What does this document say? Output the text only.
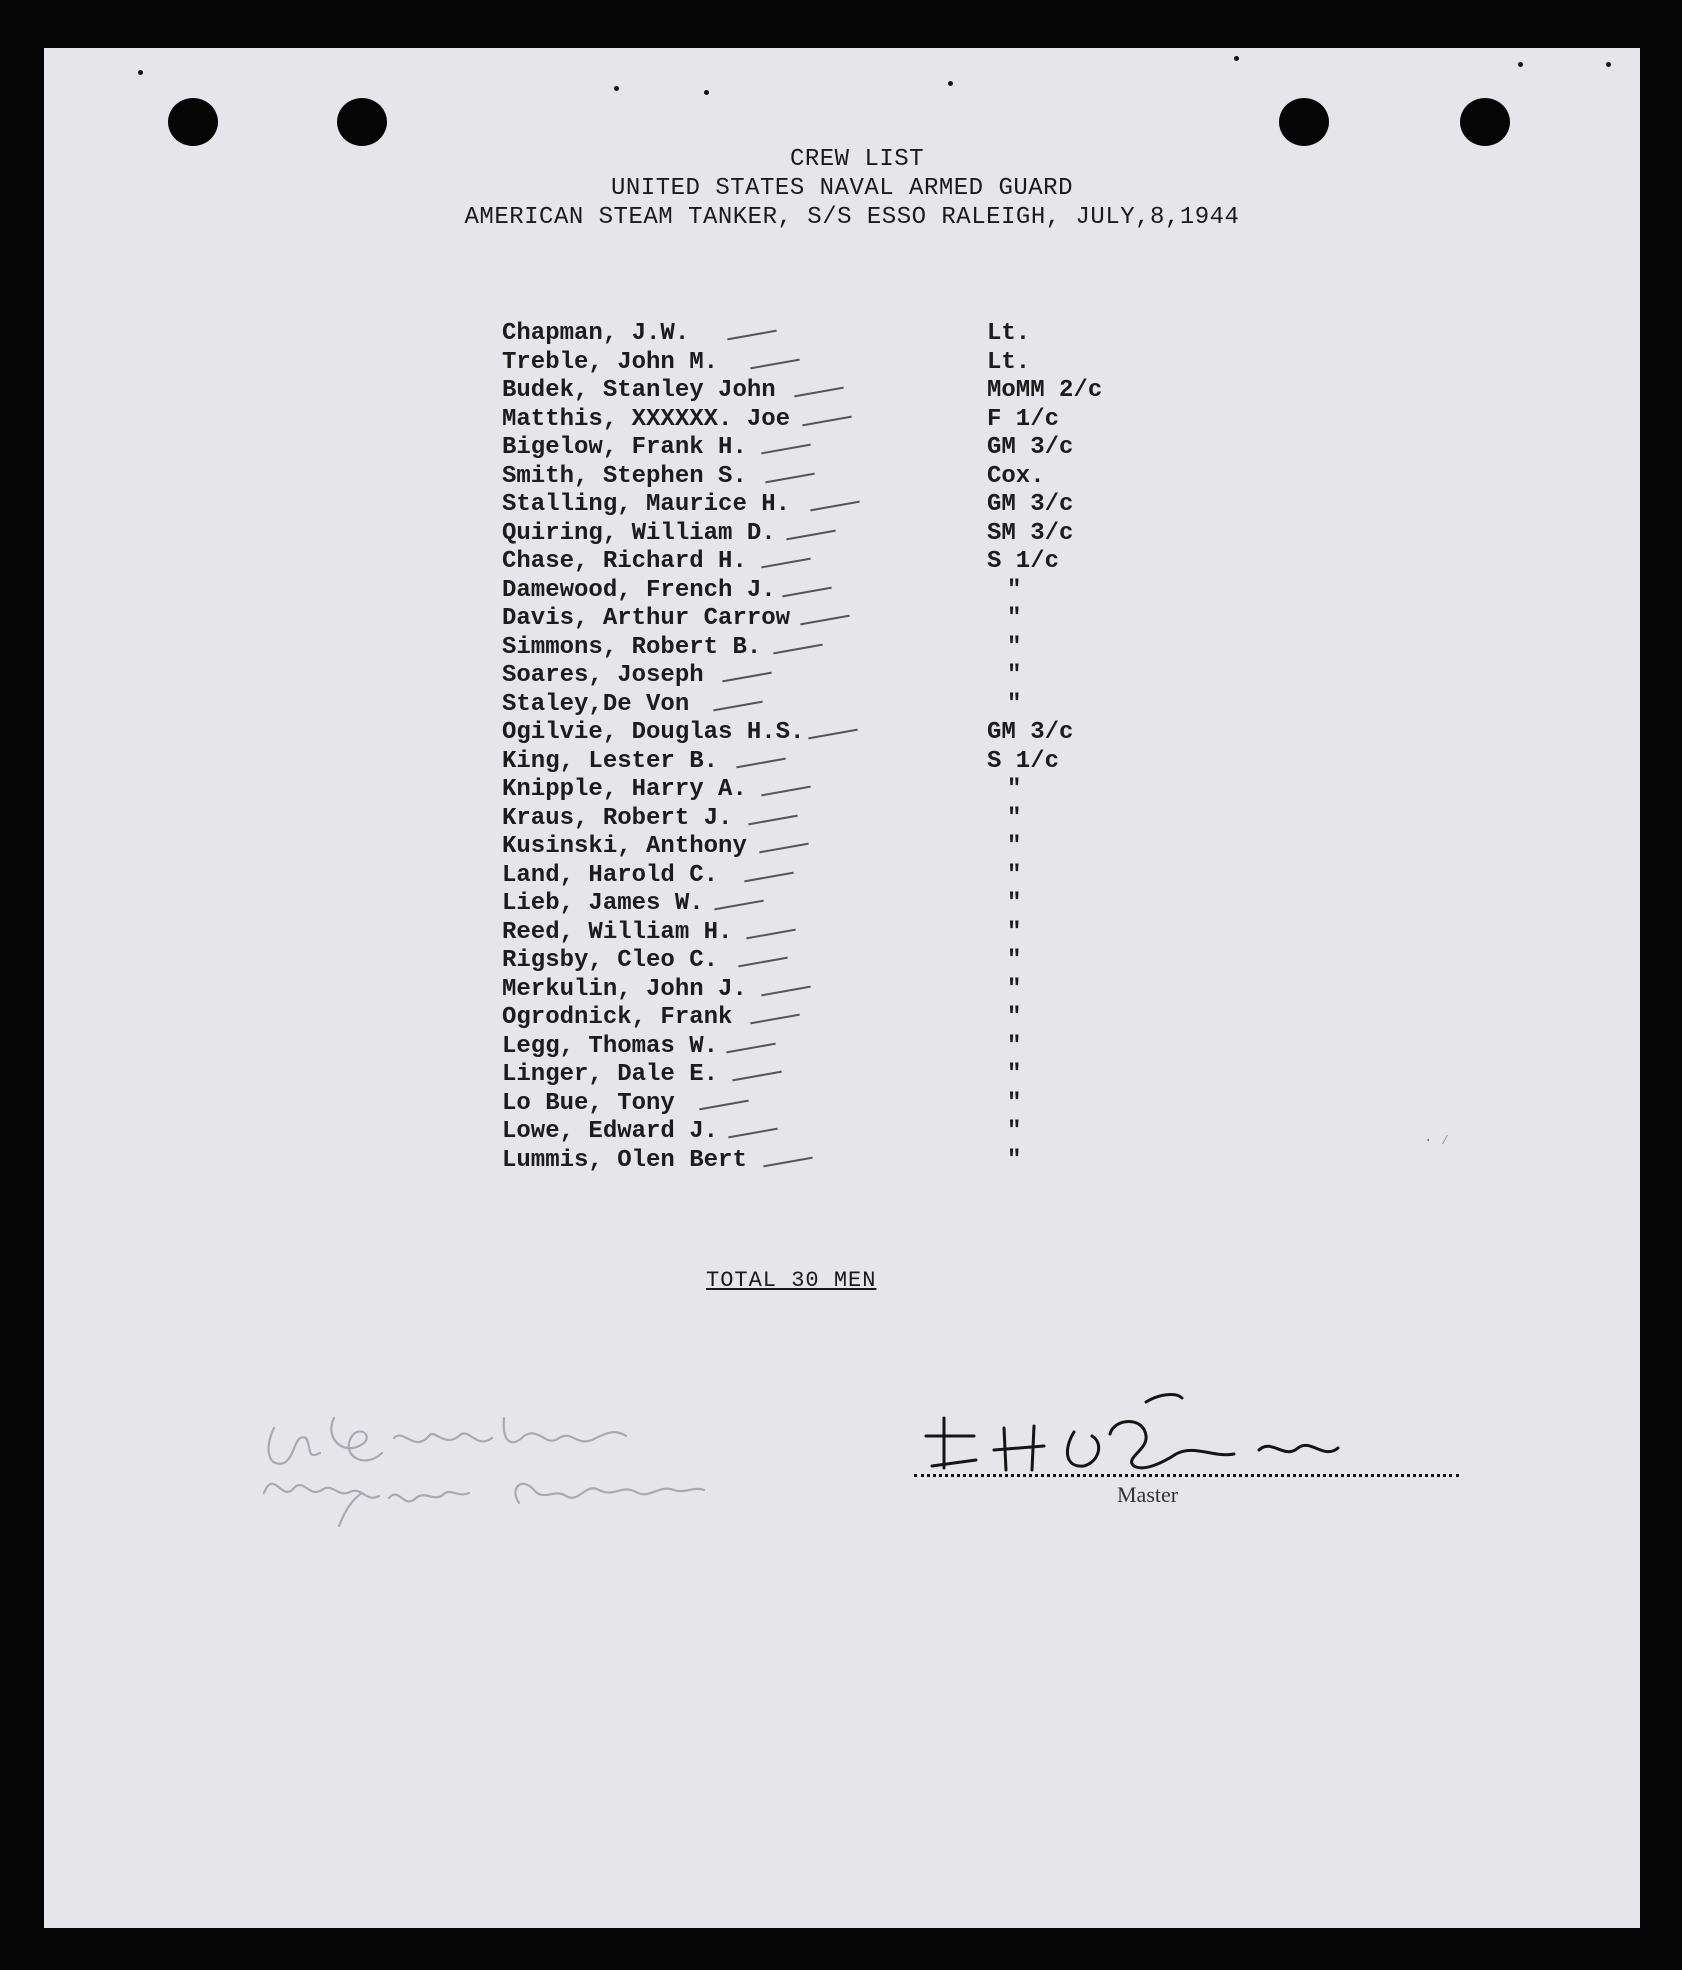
CREW LIST
UNITED STATES NAVAL ARMED GUARD
AMERICAN STEAM TANKER, S/S ESSO RALEIGH, JULY,8,1944
Chapman, J.W.	Lt.
Treble, John M.	Lt.
Budek, Stanley John	MoMM 2/c
Matthis, XXXXXX. Joe	F 1/c
Bigelow, Frank H.	GM 3/c
Smith, Stephen S.	Cox.
Stalling, Maurice H.	GM 3/c
Quiring, William D.	SM 3/c
Chase, Richard H.	S 1/c
Damewood, French J.	"
Davis, Arthur Carrow	"
Simmons, Robert B.	"
Soares, Joseph	"
Staley,De Von	"
Ogilvie, Douglas H.S.	GM 3/c
King, Lester B.	S 1/c
Knipple, Harry A.	"
Kraus, Robert J.	"
Kusinski, Anthony	"
Land, Harold C.	"
Lieb, James W.	"
Reed, William H.	"
Rigsby, Cleo C.	"
Merkulin, John J.	"
Ogrodnick, Frank	"
Legg, Thomas W.	"
Linger, Dale E.	"
Lo Bue, Tony	"
Lowe, Edward J.	"
Lummis, Olen Bert	"
TOTAL 30 MEN
Master
· ⁄
